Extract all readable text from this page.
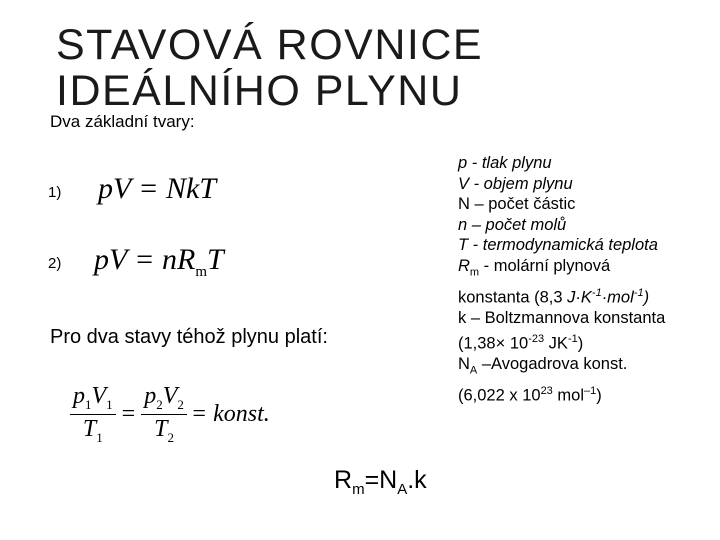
STAVOVÁ ROVNICE
IDEÁLNÍHO PLYNU
Dva základní tvary:
1) pV = NkT
2) pV = $nR_mT$
Pro dva stavy téhož plynu platí:
$\frac{p_1V_1}{T_1} = \frac{p_2V_2}{T_2}$ = konst.
$R_m=N_A.k$
p - tlak plynu
V - objem plynu
N – počet částic
n – počet molů
T - termodynamická teplota
$R_m$ - molární plynová
konstanta (8,3 $J\cdot K^{-1}\cdot mol^{-1}$)
k – Boltzmannova konstanta
($1,38\times 10^{-23}$ $JK^{-1}$)
$N_A$ –Avogadrova konst.
(6,022 x $10^{23}$ mol$^{-1}$)
